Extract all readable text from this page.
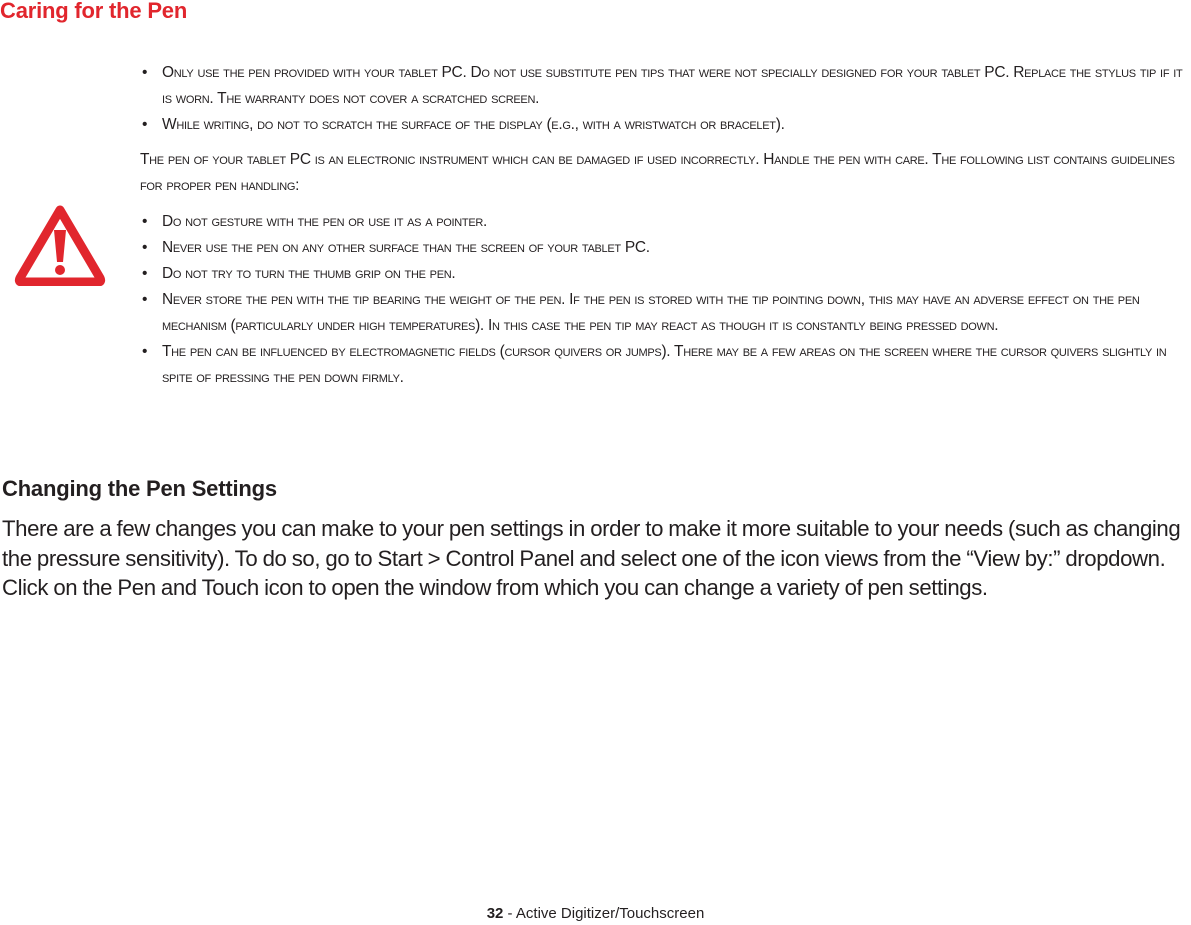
Caring for the Pen
• Only use the pen provided with your tablet PC. Do not use substitute pen tips that were not specially designed for your tablet PC. Replace the stylus tip if it is worn. The warranty does not cover a scratched screen.
• While writing, do not to scratch the surface of the display (e.g., with a wristwatch or bracelet).

The pen of your tablet PC is an electronic instrument which can be damaged if used incorrectly. Handle the pen with care. The following list contains guidelines for proper pen handling:

• Do not gesture with the pen or use it as a pointer.
• Never use the pen on any other surface than the screen of your tablet PC.
• Do not try to turn the thumb grip on the pen.
• Never store the pen with the tip bearing the weight of the pen. If the pen is stored with the tip pointing down, this may have an adverse effect on the pen mechanism (particularly under high temperatures). In this case the pen tip may react as though it is constantly being pressed down.
• The pen can be influenced by electromagnetic fields (cursor quivers or jumps). There may be a few areas on the screen where the cursor quivers slightly in spite of pressing the pen down firmly.
Changing the Pen Settings

There are a few changes you can make to your pen settings in order to make it more suitable to your needs (such as changing the pressure sensitivity). To do so, go to Start > Control Panel and select one of the icon views from the “View by:” dropdown. Click on the Pen and Touch icon to open the window from which you can change a variety of pen settings.

32 - Active Digitizer/Touchscreen
